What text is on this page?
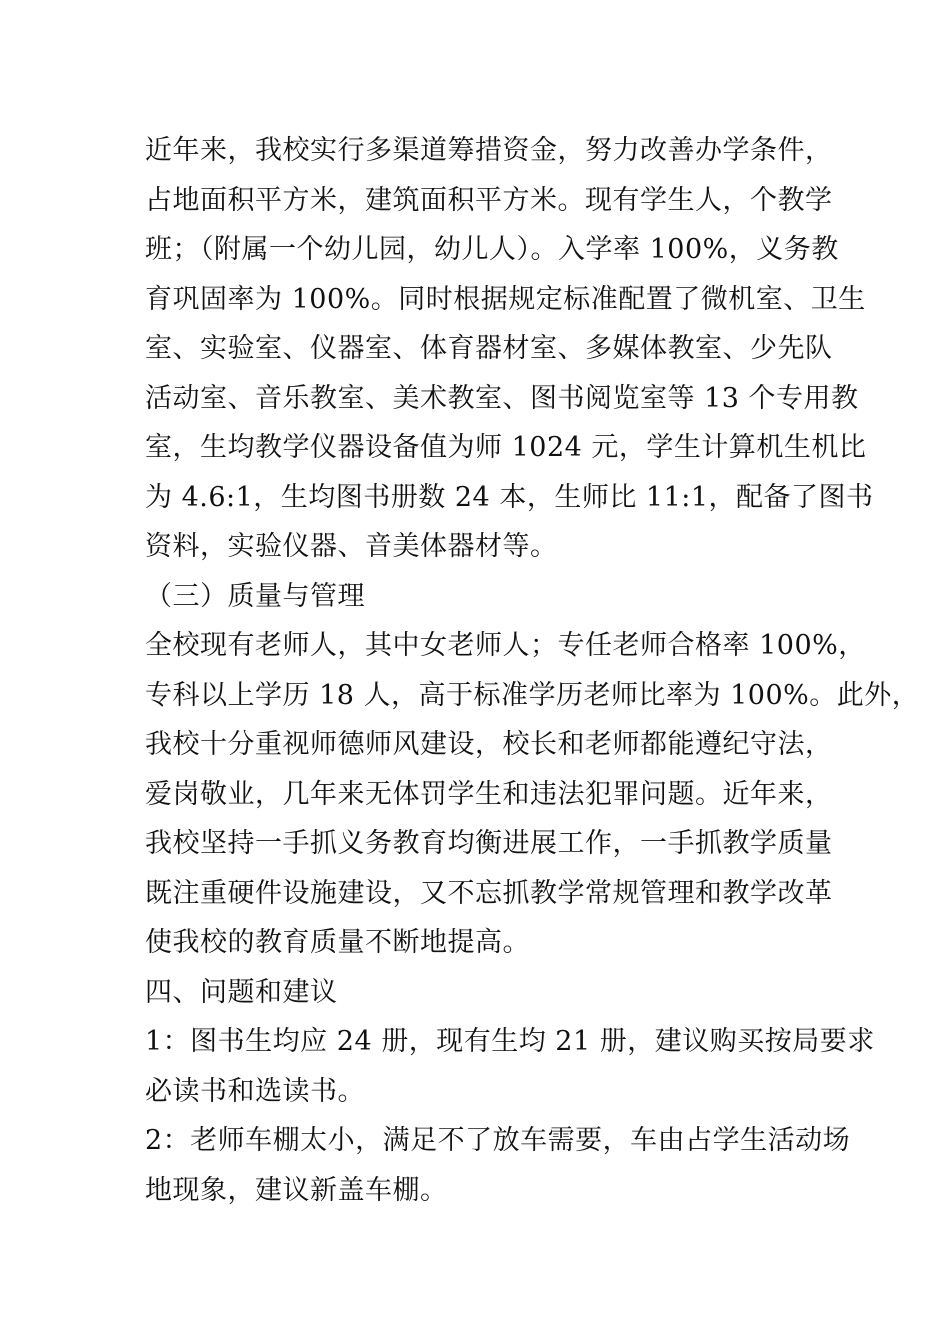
近年来，我校实行多渠道筹措资金，努力改善办学条件，
占地面积平方米，建筑面积平方米。现有学生人，个教学
班；（附属一个幼儿园，幼儿人）。入学率 100%，义务教
育巩固率为 100%。同时根据规定标准配置了微机室、卫生
室、实验室、仪器室、体育器材室、多媒体教室、少先队
活动室、音乐教室、美术教室、图书阅览室等 13 个专用教
室，生均教学仪器设备值为师 1024 元，学生计算机生机比
为 4.6:1，生均图书册数 24 本，生师比 11:1，配备了图书
资料，实验仪器、音美体器材等。
（三）质量与管理
全校现有老师人，其中女老师人；专任老师合格率 100%，
专科以上学历 18 人，高于标准学历老师比率为 100%。此外，
我校十分重视师德师风建设，校长和老师都能遵纪守法，
爱岗敬业，几年来无体罚学生和违法犯罪问题。近年来，
我校坚持一手抓义务教育均衡进展工作，一手抓教学质量
既注重硬件设施建设，又不忘抓教学常规管理和教学改革
使我校的教育质量不断地提高。
四、问题和建议
1：图书生均应 24 册，现有生均 21 册，建议购买按局要求
必读书和选读书。
2：老师车棚太小，满足不了放车需要，车由占学生活动场
地现象，建议新盖车棚。
